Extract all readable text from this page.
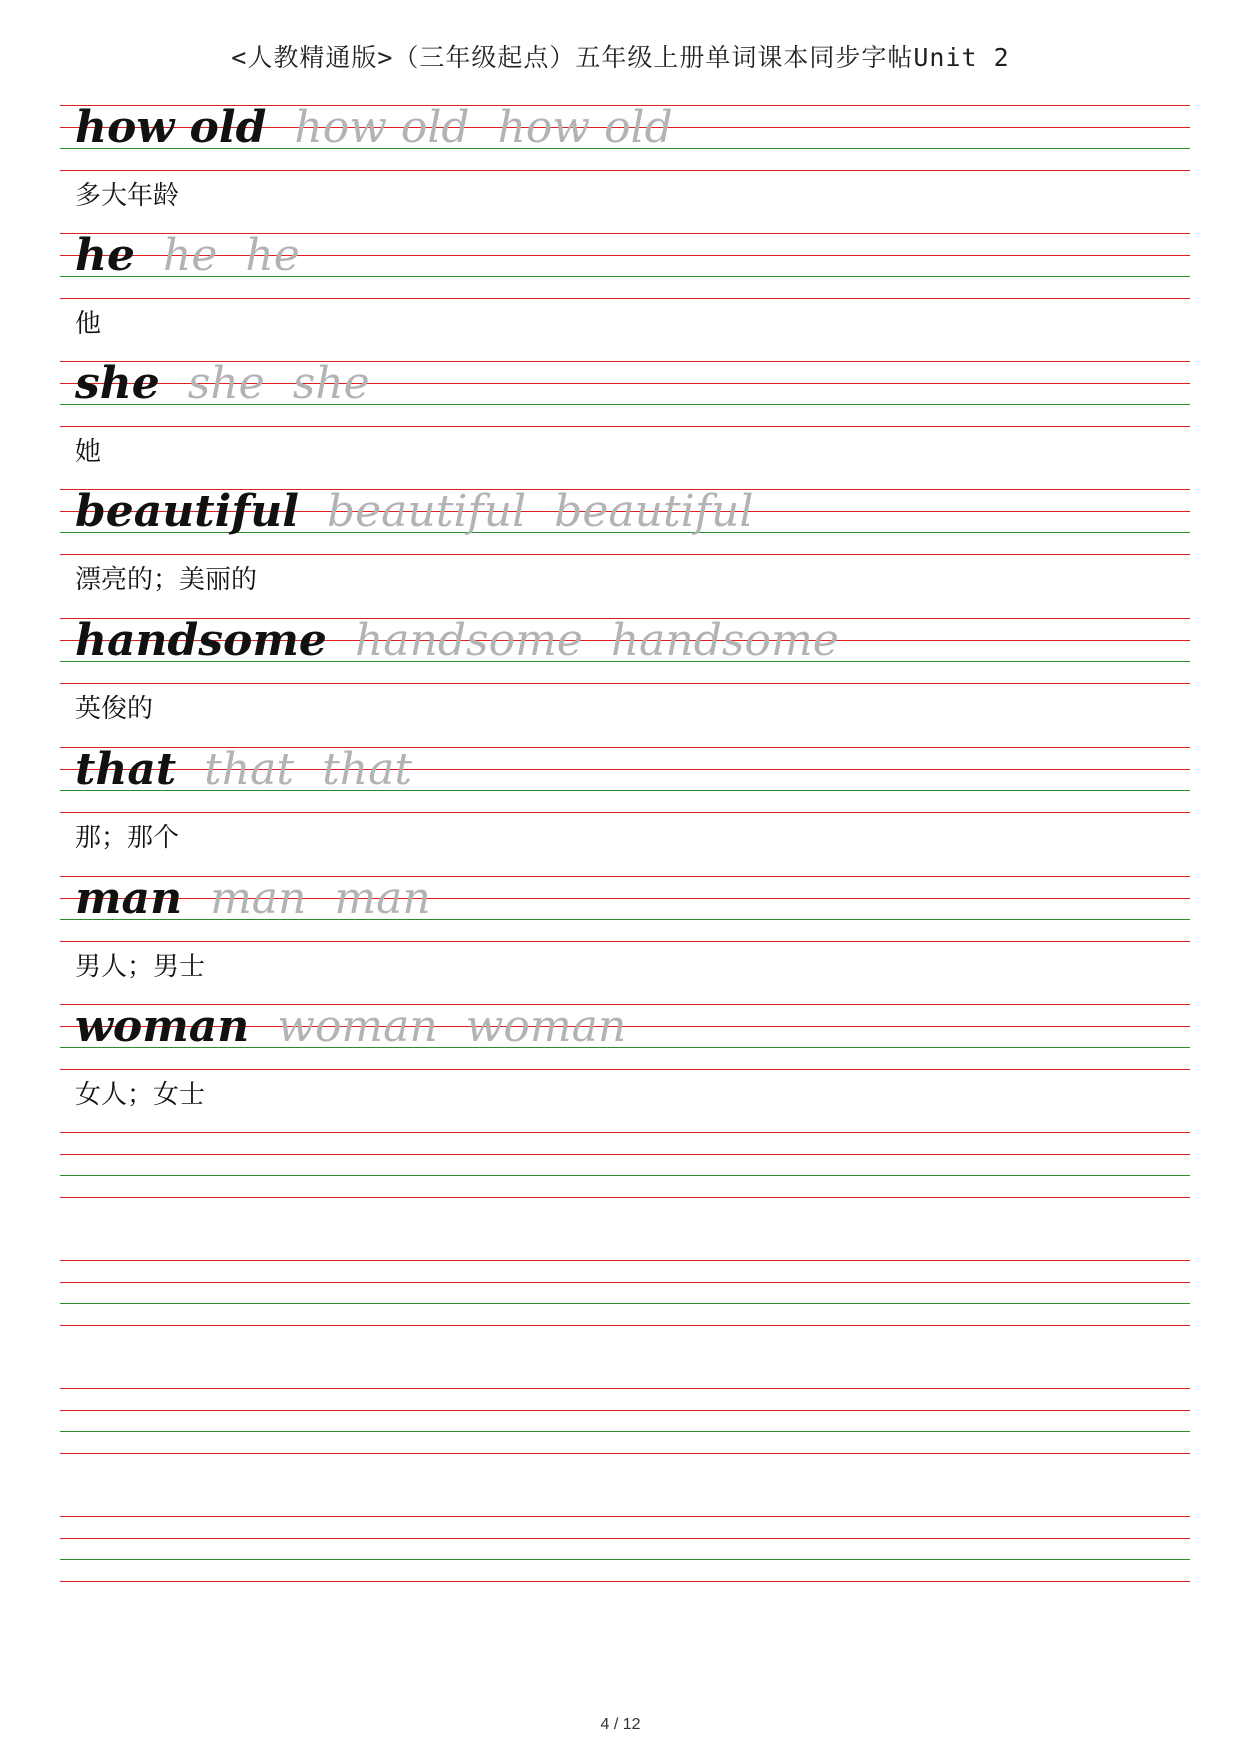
<人教精通版>（三年级起点）五年级上册单词课本同步字帖Unit 2
how old how old how old
多大年龄
he he he
他
she she she
她
beautiful beautiful beautiful
漂亮的；美丽的
handsome handsome handsome
英俊的
that that that
那；那个
man man man
男人；男士
woman woman woman
女人；女士
4 / 12
